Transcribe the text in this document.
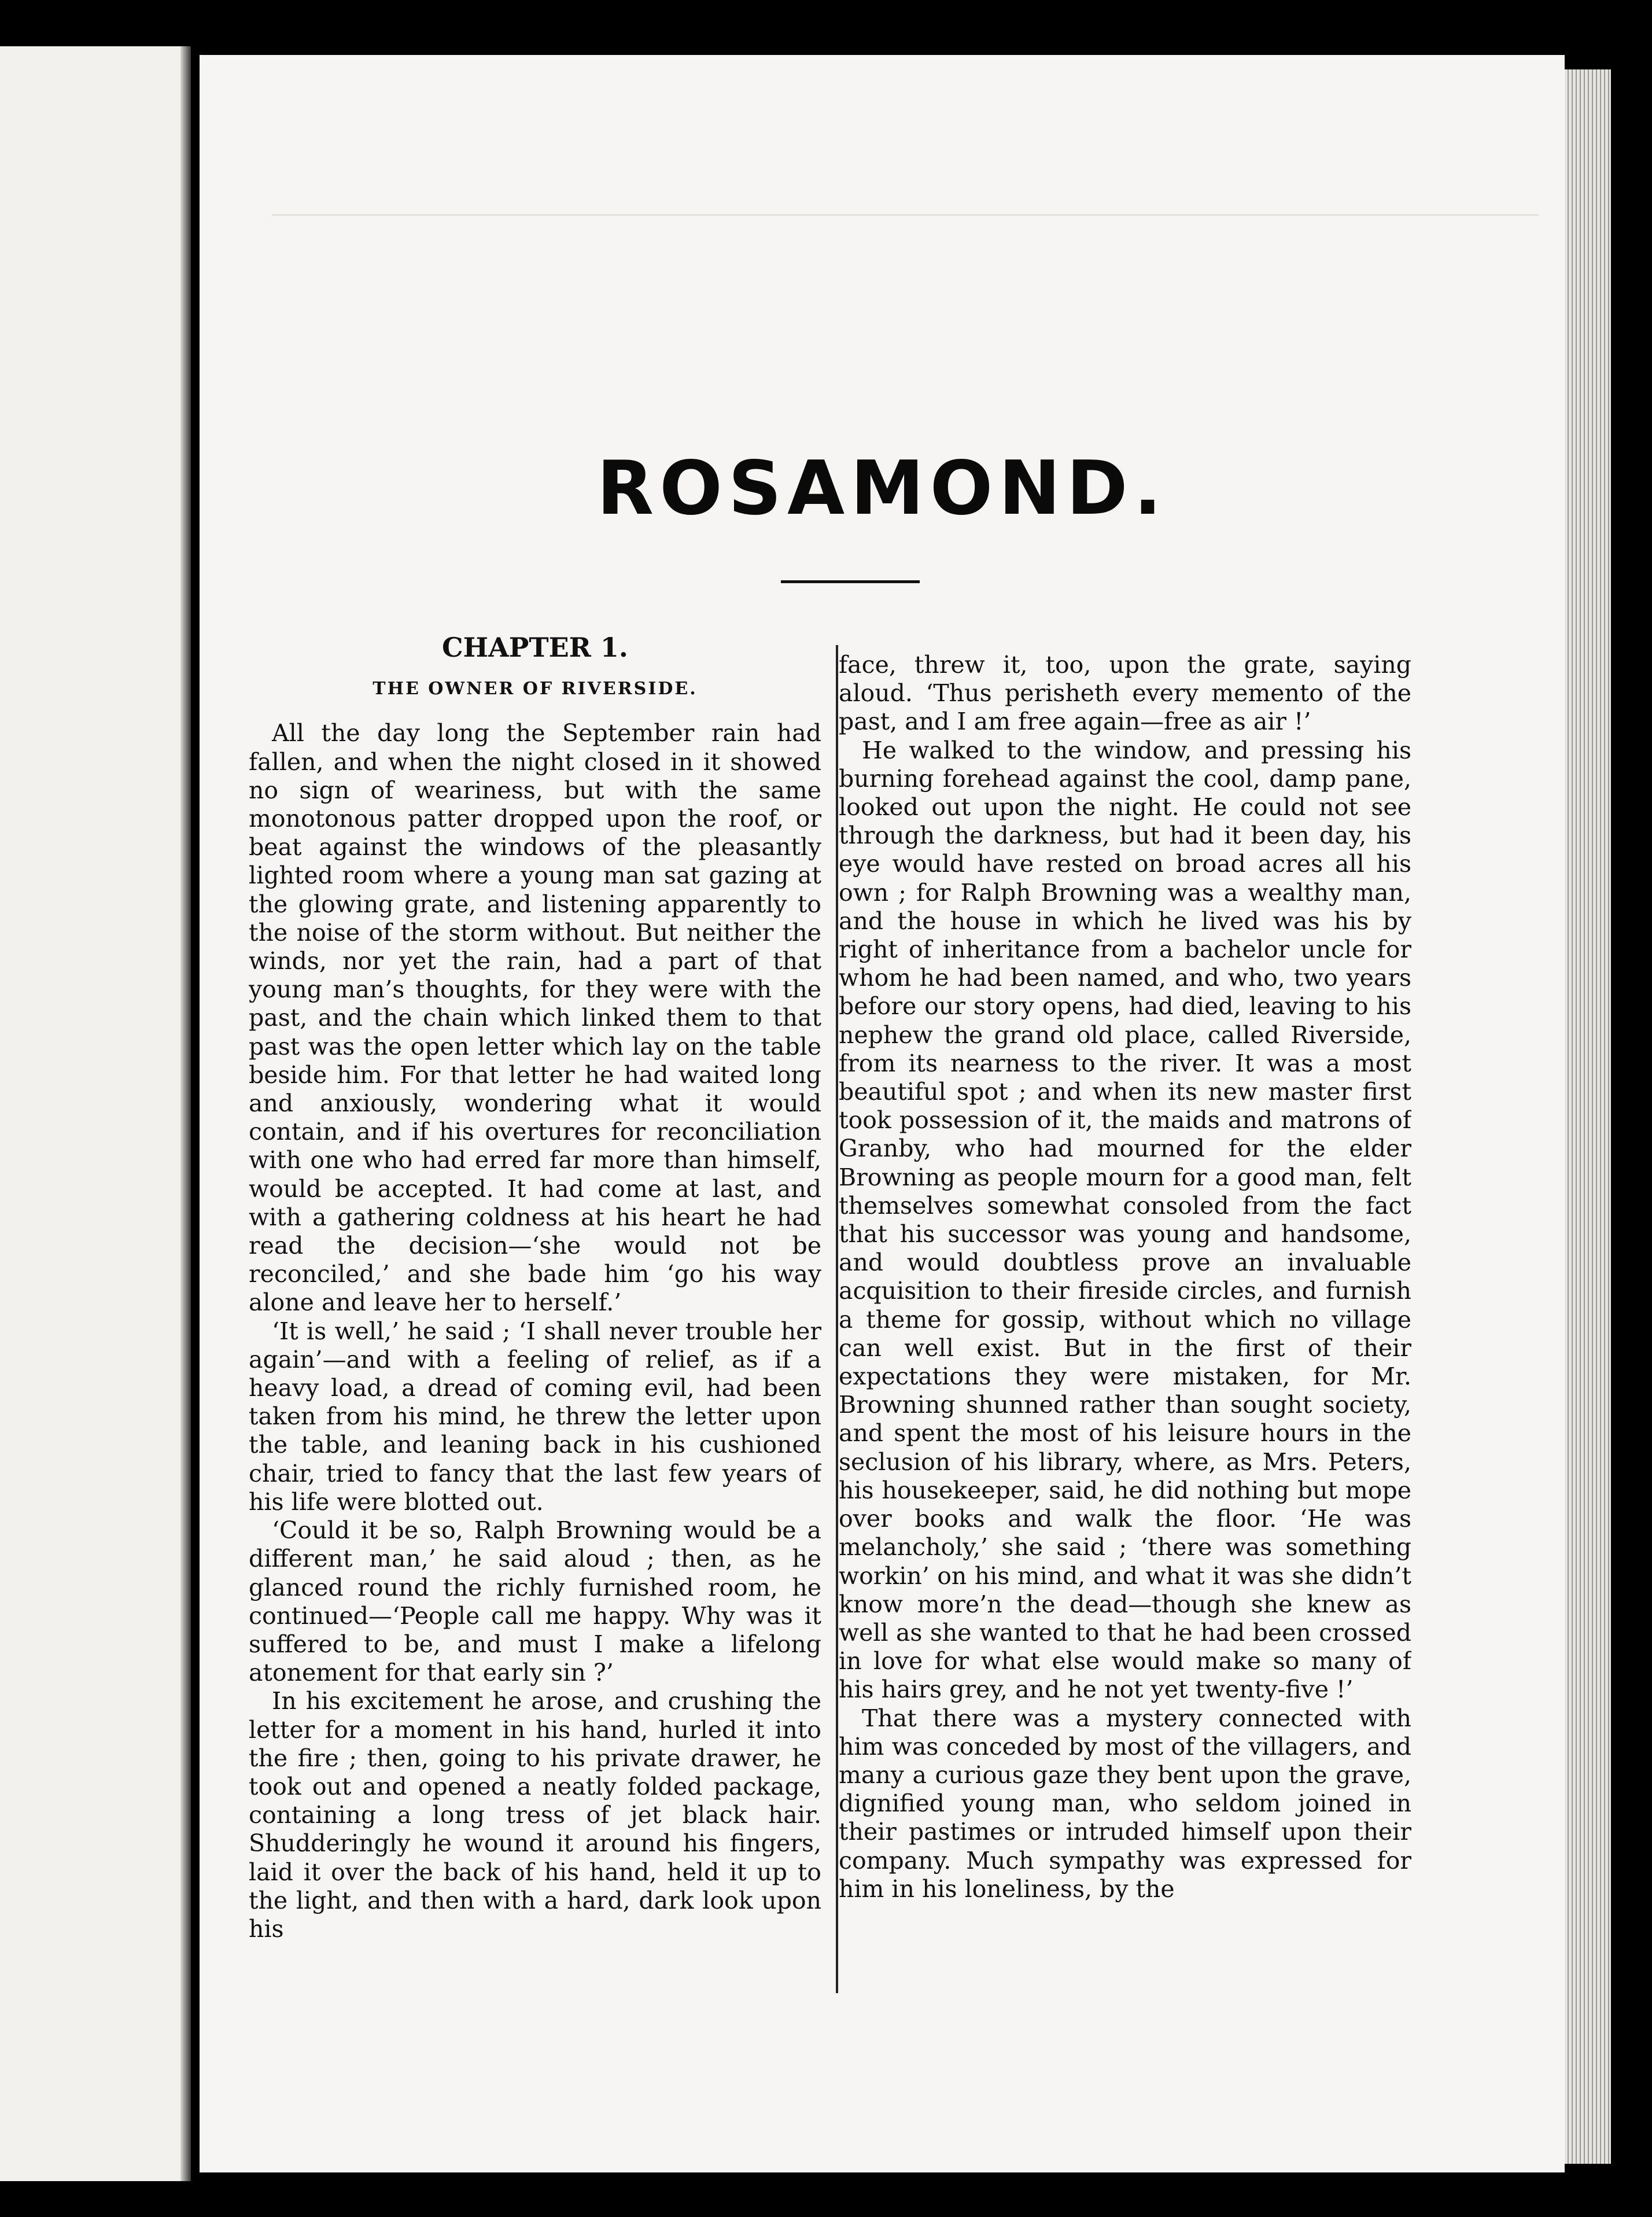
ROSAMOND.
CHAPTER 1.
THE OWNER OF RIVERSIDE.

All the day long the September rain had fallen, and when the night closed in it showed no sign of weariness, but with the same monotonous patter dropped upon the roof, or beat against the windows of the pleasantly lighted room where a young man sat gazing at the glowing grate, and listening apparently to the noise of the storm without. But neither the winds, nor yet the rain, had a part of that young man’s thoughts, for they were with the past, and the chain which linked them to that past was the open letter which lay on the table beside him. For that letter he had waited long and anxiously, wondering what it would contain, and if his overtures for reconciliation with one who had erred far more than himself, would be accepted. It had come at last, and with a gathering coldness at his heart he had read the decision—‘she would not be reconciled,’ and she bade him ‘go his way alone and leave her to herself.’

‘It is well,’ he said ; ‘I shall never trouble her again’—and with a feeling of relief, as if a heavy load, a dread of coming evil, had been taken from his mind, he threw the letter upon the table, and leaning back in his cushioned chair, tried to fancy that the last few years of his life were blotted out.

‘Could it be so, Ralph Browning would be a different man,’ he said aloud ; then, as he glanced round the richly furnished room, he continued—‘People call me happy. Why was it suffered to be, and must I make a lifelong atonement for that early sin ?’

In his excitement he arose, and crushing the letter for a moment in his hand, hurled it into the fire ; then, going to his private drawer, he took out and opened a neatly folded package, containing a long tress of jet black hair. Shudderingly he wound it around his fingers, laid it over the back of his hand, held it up to the light, and then with a hard, dark look upon his

face, threw it, too, upon the grate, saying aloud. ‘Thus perisheth every memento of the past, and I am free again—free as air !’

He walked to the window, and pressing his burning forehead against the cool, damp pane, looked out upon the night. He could not see through the darkness, but had it been day, his eye would have rested on broad acres all his own ; for Ralph Browning was a wealthy man, and the house in which he lived was his by right of inheritance from a bachelor uncle for whom he had been named, and who, two years before our story opens, had died, leaving to his nephew the grand old place, called Riverside, from its nearness to the river. It was a most beautiful spot ; and when its new master first took possession of it, the maids and matrons of Granby, who had mourned for the elder Browning as people mourn for a good man, felt themselves somewhat consoled from the fact that his successor was young and handsome, and would doubtless prove an invaluable acquisition to their fireside circles, and furnish a theme for gossip, without which no village can well exist. But in the first of their expectations they were mistaken, for Mr. Browning shunned rather than sought society, and spent the most of his leisure hours in the seclusion of his library, where, as Mrs. Peters, his housekeeper, said, he did nothing but mope over books and walk the floor. ‘He was melancholy,’ she said ; ‘there was something workin’ on his mind, and what it was she didn’t know more’n the dead—though she knew as well as she wanted to that he had been crossed in love for what else would make so many of his hairs grey, and he not yet twenty-five !’

That there was a mystery connected with him was conceded by most of the villagers, and many a curious gaze they bent upon the grave, dignified young man, who seldom joined in their pastimes or intruded himself upon their company. Much sympathy was expressed for him in his loneliness, by the
